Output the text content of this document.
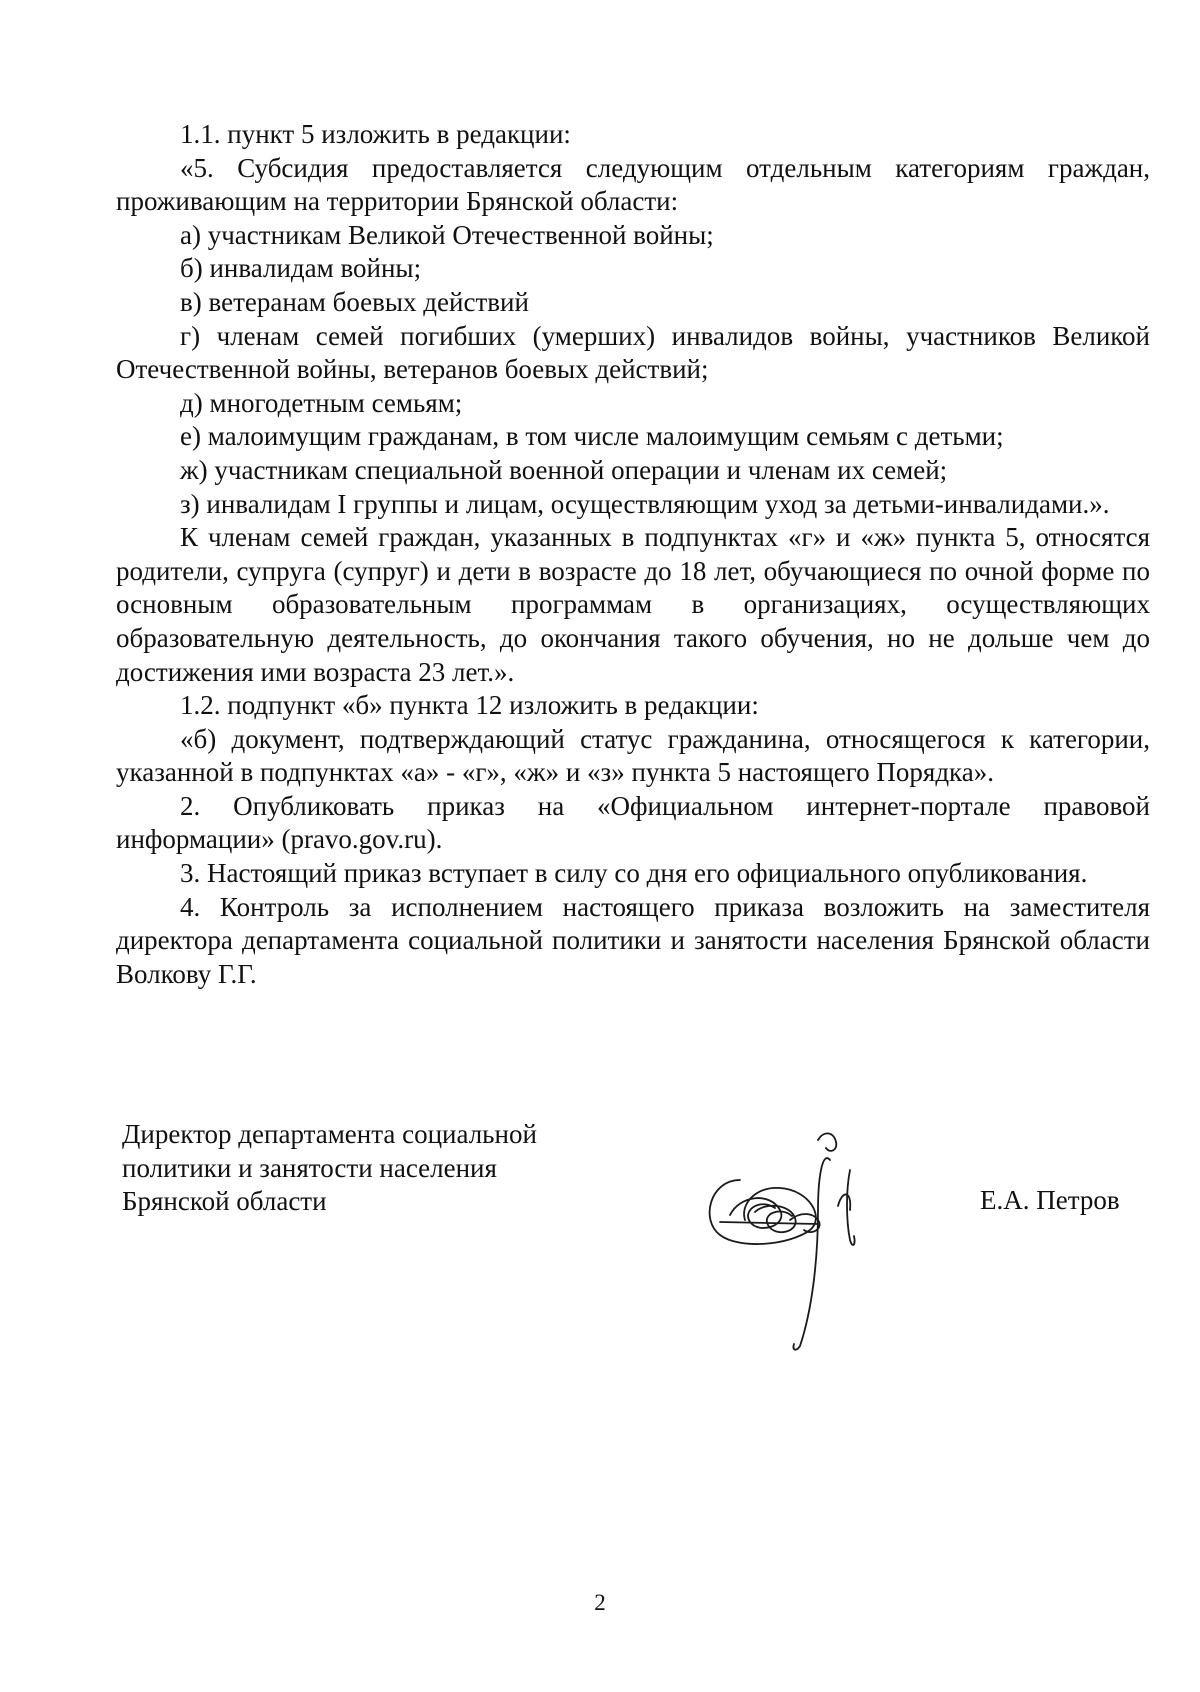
1.1. пункт 5 изложить в редакции:

«5. Субсидия предоставляется следующим отдельным категориям граждан, проживающим на территории Брянской области:

а) участникам Великой Отечественной войны;

б) инвалидам войны;

в) ветеранам боевых действий

г) членам семей погибших (умерших) инвалидов войны, участников Великой Отечественной войны, ветеранов боевых действий;

д) многодетным семьям;

е) малоимущим гражданам, в том числе малоимущим семьям с детьми;

ж) участникам специальной военной операции и членам их семей;

з) инвалидам I группы и лицам, осуществляющим уход за детьми-инвалидами.».

К членам семей граждан, указанных в подпунктах «г» и «ж» пункта 5, относятся родители, супруга (супруг) и дети в возрасте до 18 лет, обучающиеся по очной форме по основным образовательным программам в организациях, осуществляющих образовательную деятельность, до окончания такого обучения, но не дольше чем до достижения ими возраста 23 лет.».

1.2. подпункт «б» пункта 12 изложить в редакции:

«б) документ, подтверждающий статус гражданина, относящегося к категории, указанной в подпунктах «а» - «г», «ж» и «з» пункта 5 настоящего Порядка».

2. Опубликовать приказ на «Официальном интернет-портале правовой информации» (pravo.gov.ru).

3. Настоящий приказ вступает в силу со дня его официального опубликования.

4. Контроль за исполнением настоящего приказа возложить на заместителя директора департамента социальной политики и занятости населения Брянской области Волкову Г.Г.

Директор департамента социальной
политики и занятости населения
Брянской области	Е.А. Петров
2
